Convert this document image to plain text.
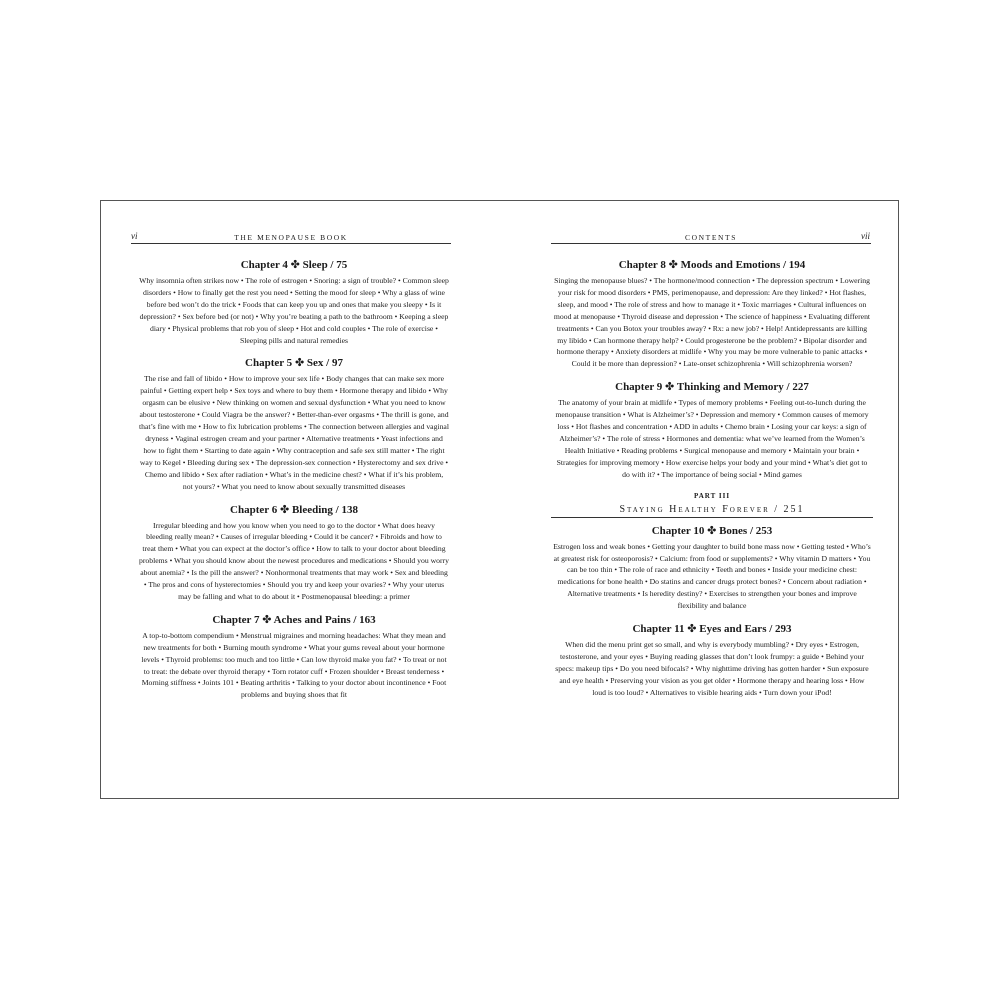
vi	THE MENOPAUSE BOOK
Chapter 4 ✤ Sleep / 75

Why insomnia often strikes now • The role of estrogen • Snoring: a sign of trouble? • Common sleep disorders • How to finally get the rest you need • Setting the mood for sleep • Why a glass of wine before bed won’t do the trick • Foods that can keep you up and ones that make you sleepy • Is it depression? • Sex before bed (or not) • Why you’re beating a path to the bathroom • Keeping a sleep diary • Physical problems that rob you of sleep • Hot and cold couples • The role of exercise • Sleeping pills and natural remedies

Chapter 5 ✤ Sex / 97

The rise and fall of libido • How to improve your sex life • Body changes that can make sex more painful • Getting expert help • Sex toys and where to buy them • Hormone therapy and libido • Why orgasm can be elusive • New thinking on women and sexual dysfunction • What you need to know about testosterone • Could Viagra be the answer? • Better-than-ever orgasms • The thrill is gone, and that’s fine with me • How to fix lubrication problems • The connection between allergies and vaginal dryness • Vaginal estrogen cream and your partner • Alternative treatments • Yeast infections and how to fight them • Starting to date again • Why contraception and safe sex still matter • The right way to Kegel • Bleeding during sex • The depression-sex connection • Hysterectomy and sex drive • Chemo and libido • Sex after radiation • What’s in the medicine chest? • What if it’s his problem, not yours? • What you need to know about sexually transmitted diseases

Chapter 6 ✤ Bleeding / 138

Irregular bleeding and how you know when you need to go to the doctor • What does heavy bleeding really mean? • Causes of irregular bleeding • Could it be cancer? • Fibroids and how to treat them • What you can expect at the doctor’s office • How to talk to your doctor about bleeding problems • What you should know about the newest procedures and medications • Should you worry about anemia? • Is the pill the answer? • Nonhormonal treatments that may work • Sex and bleeding • The pros and cons of hysterectomies • Should you try and keep your ovaries? • Why your uterus may be falling and what to do about it • Postmenopausal bleeding: a primer

Chapter 7 ✤ Aches and Pains / 163

A top-to-bottom compendium • Menstrual migraines and morning headaches: What they mean and new treatments for both • Burning mouth syndrome • What your gums reveal about your hormone levels • Thyroid problems: too much and too little • Can low thyroid make you fat? • To treat or not to treat: the debate over thyroid therapy • Torn rotator cuff • Frozen shoulder • Breast tenderness • Morning stiffness • Joints 101 • Beating arthritis • Talking to your doctor about incontinence • Foot problems and buying shoes that fit

CONTENTS	vii
Chapter 8 ✤ Moods and Emotions / 194

Singing the menopause blues? • The hormone/mood connection • The depression spectrum • Lowering your risk for mood disorders • PMS, perimenopause, and depression: Are they linked? • Hot flashes, sleep, and mood • The role of stress and how to manage it • Toxic marriages • Cultural influences on mood at menopause • Thyroid disease and depression • The science of happiness • Evaluating different treatments • Can you Botox your troubles away? • Rx: a new job? • Help! Antidepressants are killing my libido • Can hormone therapy help? • Could progesterone be the problem? • Bipolar disorder and hormone therapy • Anxiety disorders at midlife • Why you may be more vulnerable to panic attacks • Could it be more than depression? • Late-onset schizophrenia • Will schizophrenia worsen?

Chapter 9 ✤ Thinking and Memory / 227

The anatomy of your brain at midlife • Types of memory problems • Feeling out-to-lunch during the menopause transition • What is Alzheimer’s? • Depression and memory • Common causes of memory loss • Hot flashes and concentration • ADD in adults • Chemo brain • Losing your car keys: a sign of Alzheimer’s? • The role of stress • Hormones and dementia: what we’ve learned from the Women’s Health Initiative • Reading problems • Surgical menopause and memory • Maintain your brain • Strategies for improving memory • How exercise helps your body and your mind • What’s diet got to do with it? • The importance of being social • Mind games

PART III
Staying Healthy Forever / 251
Chapter 10 ✤ Bones / 253

Estrogen loss and weak bones • Getting your daughter to build bone mass now • Getting tested • Who’s at greatest risk for osteoporosis? • Calcium: from food or supplements? • Why vitamin D matters • You can be too thin • The role of race and ethnicity • Teeth and bones • Inside your medicine chest: medications for bone health • Do statins and cancer drugs protect bones? • Concern about radiation • Alternative treatments • Is heredity destiny? • Exercises to strengthen your bones and improve flexibility and balance

Chapter 11 ✤ Eyes and Ears / 293

When did the menu print get so small, and why is everybody mumbling? • Dry eyes • Estrogen, testosterone, and your eyes • Buying reading glasses that don’t look frumpy: a guide • Behind your specs: makeup tips • Do you need bifocals? • Why nighttime driving has gotten harder • Sun exposure and eye health • Preserving your vision as you get older • Hormone therapy and hearing loss • How loud is too loud? • Alternatives to visible hearing aids • Turn down your iPod!
